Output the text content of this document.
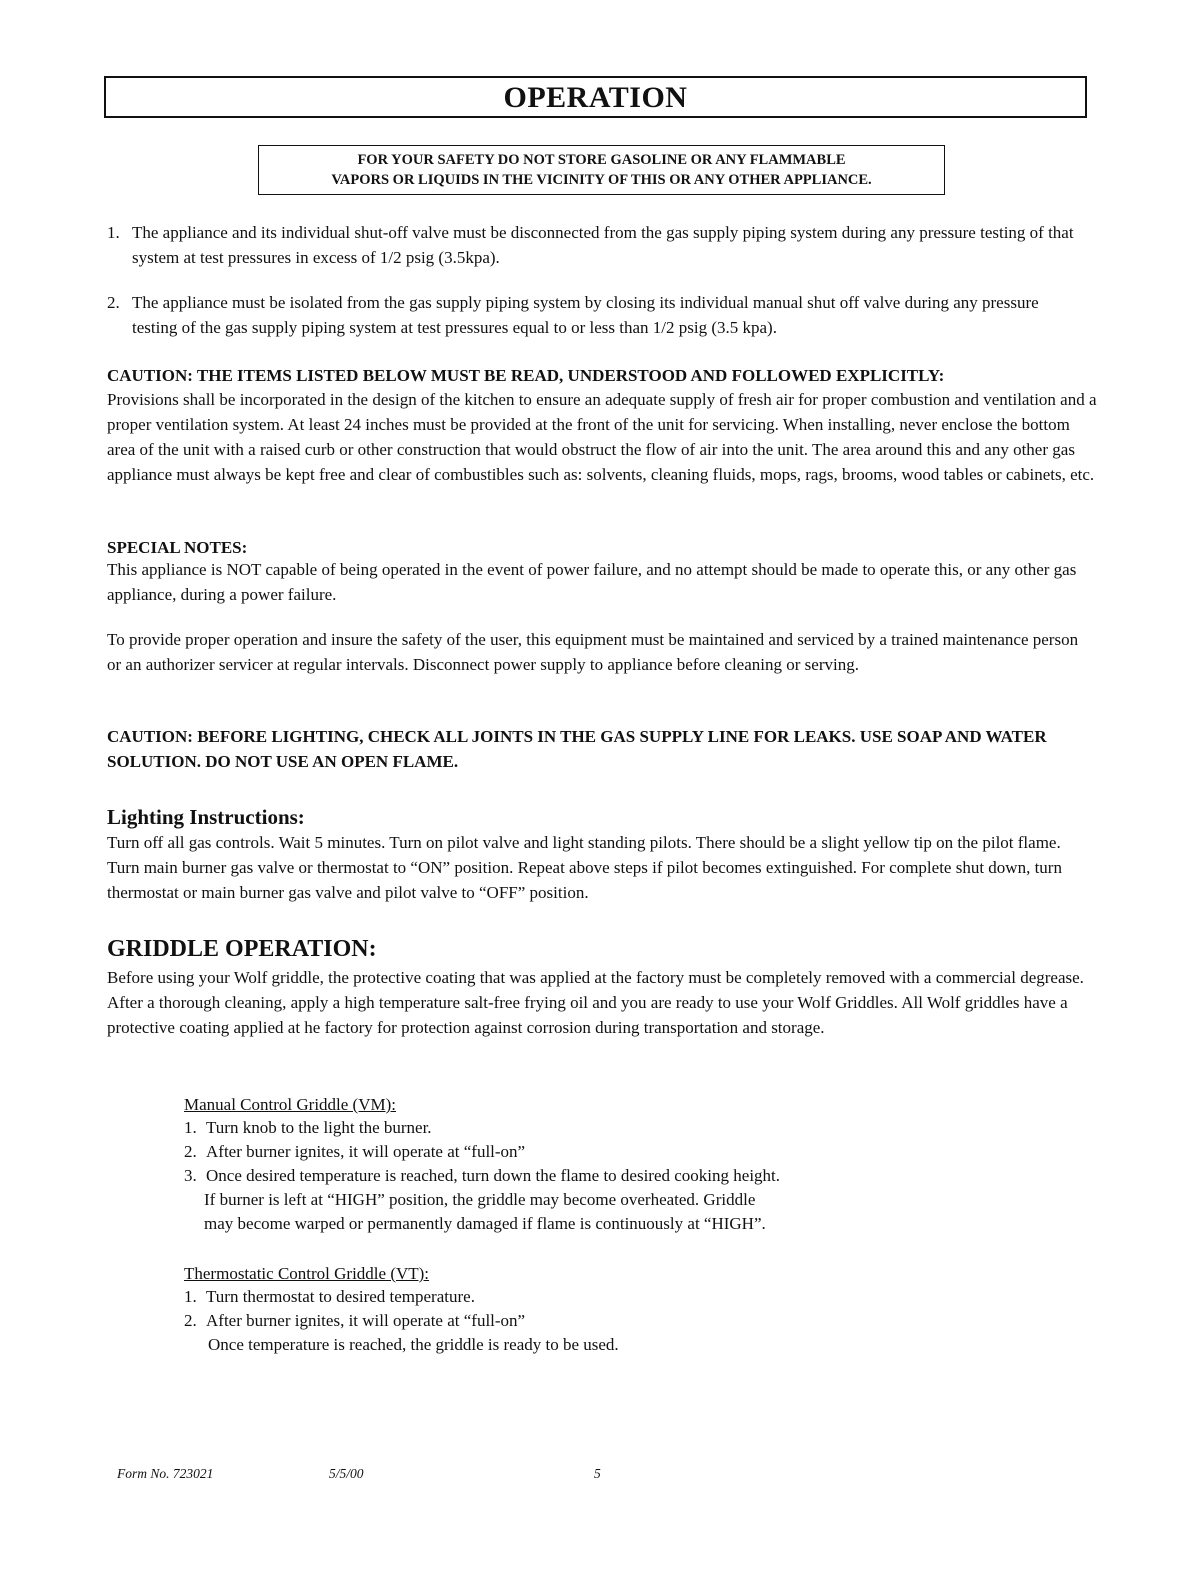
OPERATION
FOR YOUR SAFETY DO NOT STORE GASOLINE OR ANY FLAMMABLE
VAPORS OR LIQUIDS IN THE VICINITY OF THIS OR ANY OTHER APPLIANCE.
1. The appliance and its individual shut-off valve must be disconnected from the gas supply piping system during any pressure testing of that system at test pressures in excess of 1/2 psig (3.5kpa).
2. The appliance must be isolated from the gas supply piping system by closing its individual manual shut off valve during any pressure testing of the gas supply piping system at test pressures equal to or less than 1/2 psig (3.5 kpa).
CAUTION: THE ITEMS LISTED BELOW MUST BE READ, UNDERSTOOD AND FOLLOWED EXPLICITLY:
Provisions shall be incorporated in the design of the kitchen to ensure an adequate supply of fresh air for proper combustion and ventilation and a proper ventilation system. At least 24 inches must be provided at the front of the unit for servicing. When installing, never enclose the bottom area of the unit with a raised curb or other construction that would obstruct the flow of air into the unit. The area around this and any other gas appliance must always be kept free and clear of combustibles such as: solvents, cleaning fluids, mops, rags, brooms, wood tables or cabinets, etc.
SPECIAL NOTES:
This appliance is NOT capable of being operated in the event of power failure, and no attempt should be made to operate this, or any other gas appliance, during a power failure.
To provide proper operation and insure the safety of the user, this equipment must be maintained and serviced by a trained maintenance person or an authorizer servicer at regular intervals. Disconnect power supply to appliance before cleaning or serving.
CAUTION: BEFORE LIGHTING, CHECK ALL JOINTS IN THE GAS SUPPLY LINE FOR LEAKS. USE SOAP AND WATER SOLUTION. DO NOT USE AN OPEN FLAME.
Lighting Instructions:
Turn off all gas controls. Wait 5 minutes. Turn on pilot valve and light standing pilots. There should be a slight yellow tip on the pilot flame. Turn main burner gas valve or thermostat to “ON” position. Repeat above steps if pilot becomes extinguished. For complete shut down, turn thermostat or main burner gas valve and pilot valve to “OFF” position.
GRIDDLE OPERATION:
Before using your Wolf griddle, the protective coating that was applied at the factory must be completely removed with a commercial degrease. After a thorough cleaning, apply a high temperature salt-free frying oil and you are ready to use your Wolf Griddles. All Wolf griddles have a protective coating applied at he factory for protection against corrosion during transportation and storage.
Manual Control Griddle (VM):
1. Turn knob to the light the burner.
2. After burner ignites, it will operate at “full-on”
3. Once desired temperature is reached, turn down the flame to desired cooking height.
If burner is left at “HIGH” position, the griddle may become overheated. Griddle
may become warped or permanently damaged if flame is continuously at “HIGH”.
Thermostatic Control Griddle (VT):
1. Turn thermostat to desired temperature.
2. After burner ignites, it will operate at “full-on”
Once temperature is reached, the griddle is ready to be used.
Form No. 723021	5/5/00	5
